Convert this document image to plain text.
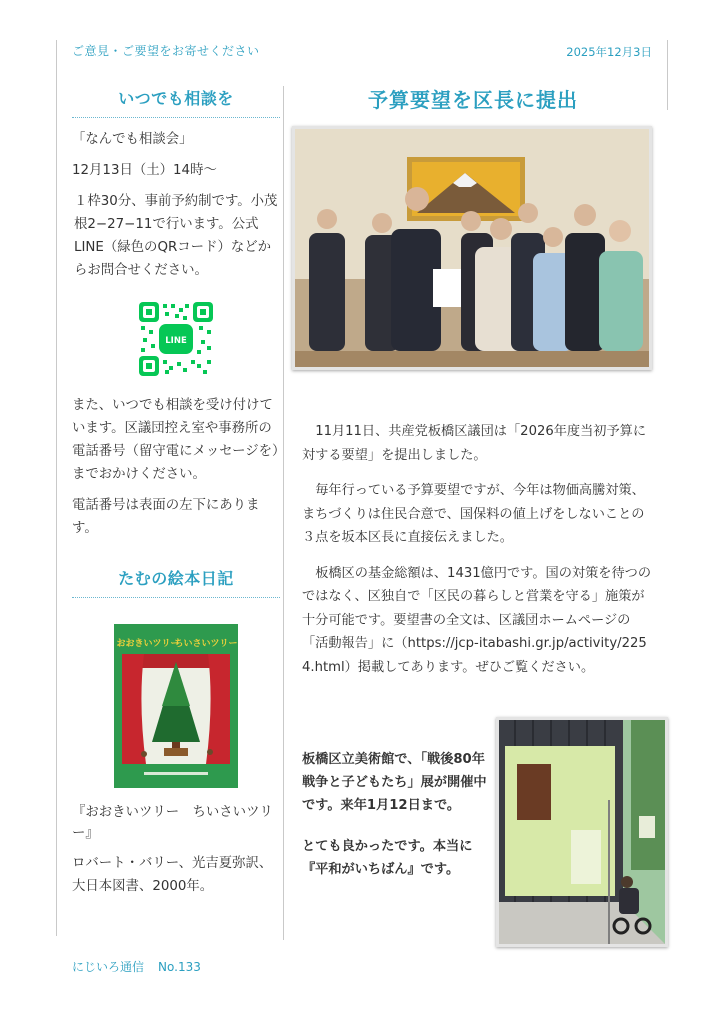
ご意見・ご要望をお寄せください	2025年12月3日
いつでも相談を

「なんでも相談会」

12月13日（土）14時〜

１枠30分、事前予約制です。小茂根2−27−11で行います。公式LINE（緑色のQRコード）などからお問合せください。

LINE

また、いつでも相談を受け付けています。区議団控え室や事務所の電話番号（留守電にメッセージを）までおかけください。

電話番号は表面の左下にあります。

たむの絵本日記
おおきいツリー
ちいさいツリー

『おおきいツリー　ちいさいツリー』

ロバート・バリー、光吉夏弥訳、大日本図書、2000年。

予算要望を区長に提出

11月11日、共産党板橋区議団は「2026年度当初予算に対する要望」を提出しました。

毎年行っている予算要望ですが、今年は物価高騰対策、まちづくりは住民合意で、国保料の値上げをしないことの３点を坂本区長に直接伝えました。

板橋区の基金総額は、1431億円です。国の対策を待つのではなく、区独自で「区民の暮らしと営業を守る」施策が十分可能です。要望書の全文は、区議団ホームページの「活動報告」に（https://jcp-itabashi.gr.jp/activity/2254.html）掲載してあります。ぜひご覧ください。

板橋区立美術館で、「戦後80年　戦争と子どもたち」展が開催中です。来年1月12日まで。

とても良かったです。本当に『平和がいちばん』です。

にじいろ通信 No.133
